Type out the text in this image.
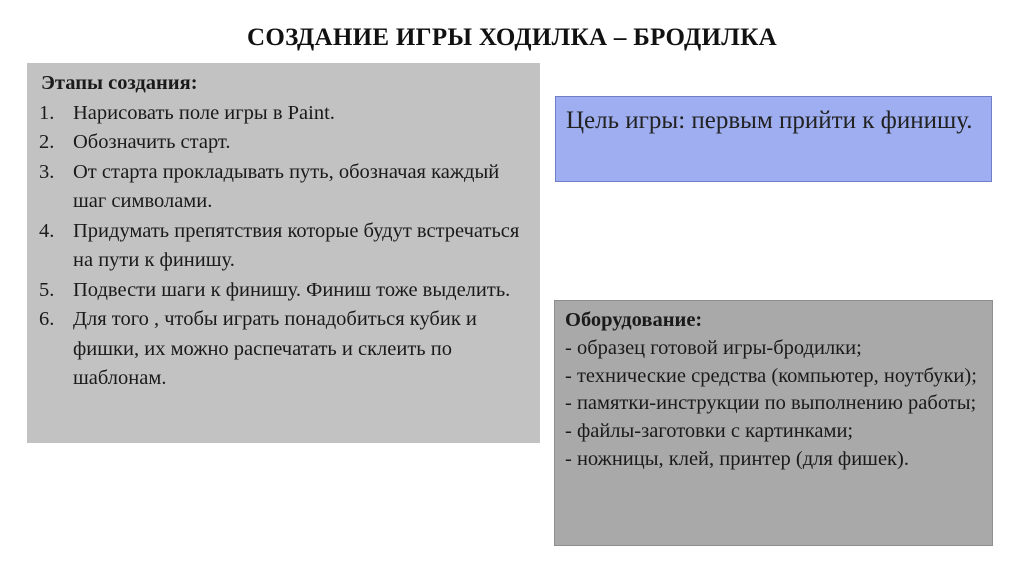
СОЗДАНИЕ ИГРЫ ХОДИЛКА – БРОДИЛКА
Этапы создания:
1. Нарисовать поле игры в Paint.
2. Обозначить старт.
3. От старта прокладывать путь, обозначая каждый шаг символами.
4. Придумать препятствия которые будут встречаться на пути к финишу.
5. Подвести шаги к финишу. Финиш тоже выделить.
6. Для того , чтобы играть понадобиться кубик и фишки, их можно распечатать и склеить по шаблонам.
Цель игры: первым прийти к финишу.
Оборудование:
- образец готовой игры-бродилки;
- технические средства (компьютер, ноутбуки);
- памятки-инструкции по выполнению работы;
- файлы-заготовки с картинками;
- ножницы, клей, принтер (для фишек).
